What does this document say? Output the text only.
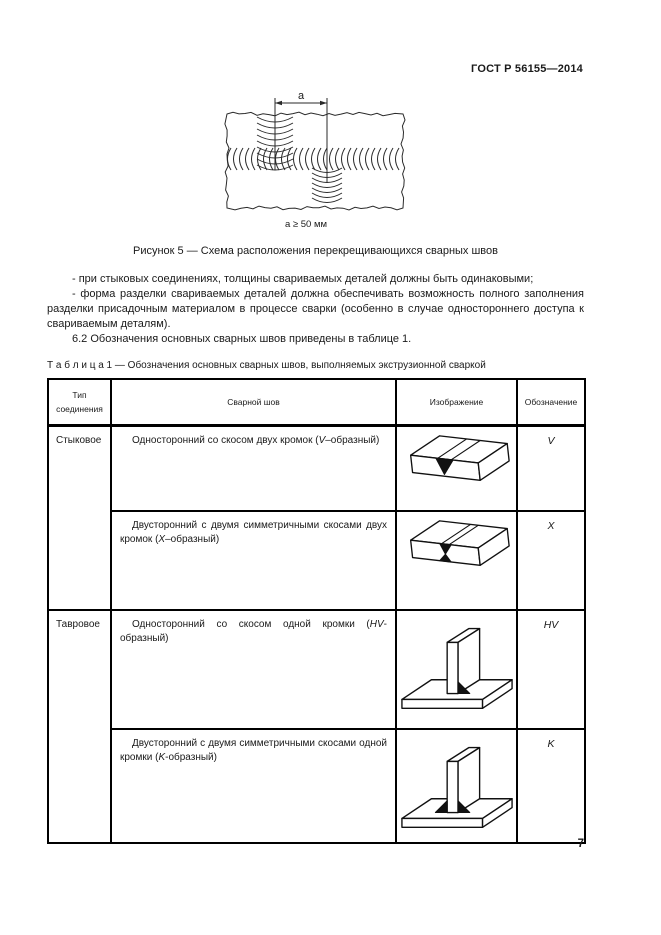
ГОСТ Р 56155—2014
a
a ≥ 50 мм
Рисунок 5 — Схема расположения перекрещивающихся сварных швов

- при стыковых соединениях, толщины свариваемых деталей должны быть одинаковыми;

- форма разделки свариваемых деталей должна обеспечивать возможность полного заполнения разделки присадочным материалом в процессе сварки (особенно в случае одностороннего доступа к свариваемым деталям).

6.2 Обозначения основных сварных швов приведены в таблице 1.

Т а б л и ц а 1 — Обозначения основных сварных швов, выполняемых экструзионной сваркой
Тип соединения	Сварной шов	Изображение	Обозначение
Стыковое	Односторонний со скосом двух кромок (V–образный)		V
	Двусторонний с двумя симметричными скосами двух кромок (X–образный)		X
Тавровое	Односторонний со скосом одной кромки (HV-образный)		HV
	Двусторонний с двумя симметричными скосами одной кромки (K-образный)		K
7
